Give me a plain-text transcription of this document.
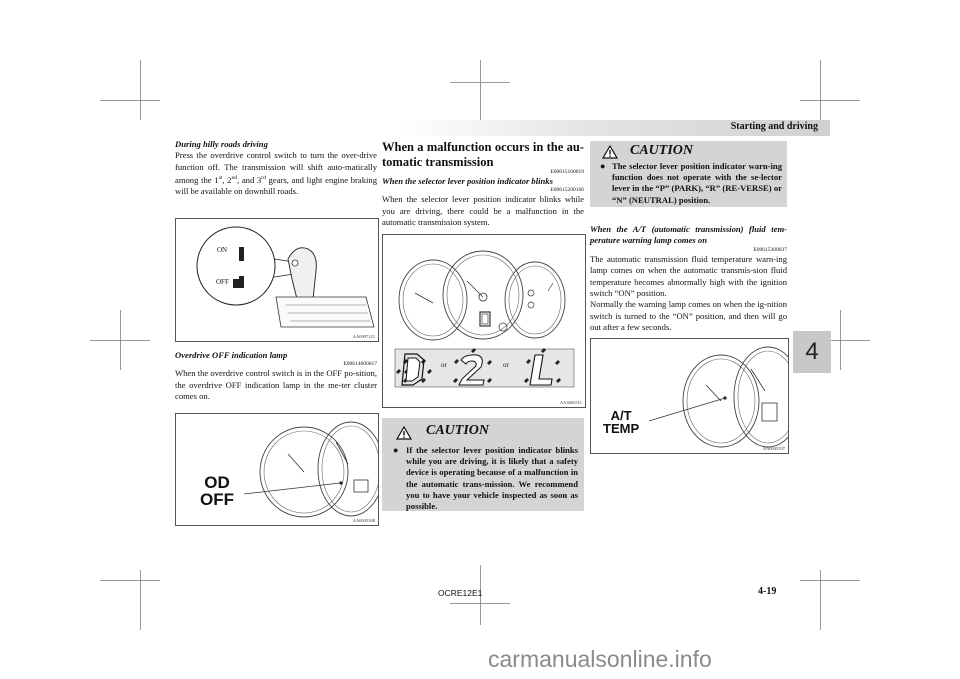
Starting and driving
4
During hilly roads driving
Press the overdrive control switch to turn the over-drive function off. The transmission will shift auto-matically among the 1st, 2nd, and 3rd gears, and light engine braking will be available on downhill roads.
ON
OFF
AA0097121
Overdrive OFF indication lamp
E00614600017
When the overdrive control switch is in the OFF po-sition, the overdrive OFF indication lamp in the me-ter cluster comes on.
OD
OFF
AA0045308
When a malfunction occurs in the au-tomatic transmission
E00615100019
When the selector lever position indicator blinks
E00615200166
When the selector lever position indicator blinks while you are driving, there could be a malfunction in the automatic transmission system.
or	or
AA3002511
CAUTION
● If the selector lever position indicator blinks while you are driving, it is likely that a safety device is operating because of a malfunction in the automatic trans-mission. We recommend you to have your vehicle inspected as soon as possible.
CAUTION
● The selector lever position indicator warn-ing function does not operate with the se-lector lever in the “P” (PARK), “R” (RE-VERSE) or “N” (NEUTRAL) position.
When the A/T (automatic transmission) fluid tem-perature warning lamp comes on
E00615300037
The automatic transmission fluid temperature warn-ing lamp comes on when the automatic transmis-sion fluid temperature becomes abnormally high with the ignition switch “ON” position.
Normally the warning lamp comes on when the ig-nition switch is turned to the “ON” position, and then will go out after a few seconds.
A/T
TEMP
AA0045337
OCRE12E1	4-19
carmanualsonline.info
